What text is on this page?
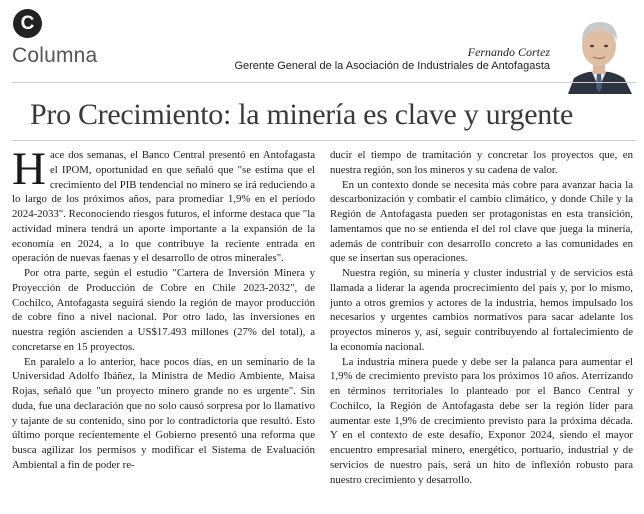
C
Columna	Fernando Cortez
Gerente General de la Asociación de Industriales de Antofagasta
Pro Crecimiento: la minería es clave y urgente

Hace dos semanas, el Banco Central presentó en Antofagasta el IPOM, oportunidad en que señaló que "se estima que el crecimiento del PIB tendencial no minero se irá reduciendo a lo largo de los próximos años, para promediar 1,9% en el período 2024-2033". Reconociendo riesgos futuros, el informe destaca que "la actividad minera tendrá un aporte importante a la expansión de la economía en 2024, a lo que contribuye la reciente entrada en operación de nuevas faenas y el desarrollo de otros minerales".

Por otra parte, según el estudio "Cartera de Inversión Minera y Proyección de Producción de Cobre en Chile 2023-2032", de Cochilco, Antofagasta seguirá siendo la región de mayor producción de cobre fino a nivel nacional. Por otro lado, las inversiones en nuestra región ascienden a US$17.493 millones (27% del total), a concretarse en 15 proyectos.

En paralelo a lo anterior, hace pocos días, en un seminario de la Universidad Adolfo Ibáñez, la Ministra de Medio Ambiente, Maisa Rojas, señaló que "un proyecto minero grande no es urgente". Sin duda, fue una declaración que no solo causó sorpresa por lo llamativo y tajante de su contenido, sino por lo contradictoria que resultó. Esto último porque recientemente el Gobierno presentó una reforma que busca agilizar los permisos y modificar el Sistema de Evaluación Ambiental a fin de poder re-

ducir el tiempo de tramitación y concretar los proyectos que, en nuestra región, son los mineros y su cadena de valor.

En un contexto donde se necesita más cobre para avanzar hacia la descarbonización y combatir el cambio climático, y donde Chile y la Región de Antofagasta pueden ser protagonistas en esta transición, lamentamos que no se entienda el del rol clave que juega la minería, además de contribuir con desarrollo concreto a las comunidades en que se insertan sus operaciones.

Nuestra región, su minería y cluster industrial y de servicios está llamada a liderar la agenda procrecimiento del país y, por lo mismo, junto a otros gremios y actores de la industria, hemos impulsado los necesarios y urgentes cambios normativos para sacar adelante los proyectos mineros y, así, seguir contribuyendo al fortalecimiento de la economía nacional.

La industria minera puede y debe ser la palanca para aumentar el 1,9% de crecimiento previsto para los próximos 10 años. Aterrizando en términos territoriales lo planteado por el Banco Central y Cochilco, la Región de Antofagasta debe ser la región líder para aumentar este 1,9% de crecimiento previsto para la próxima década. Y en el contexto de este desafío, Exponor 2024, siendo el mayor encuentro empresarial minero, energético, portuario, industrial y de servicios de nuestro país, será un hito de inflexión robusto para nuestro crecimiento y desarrollo.
